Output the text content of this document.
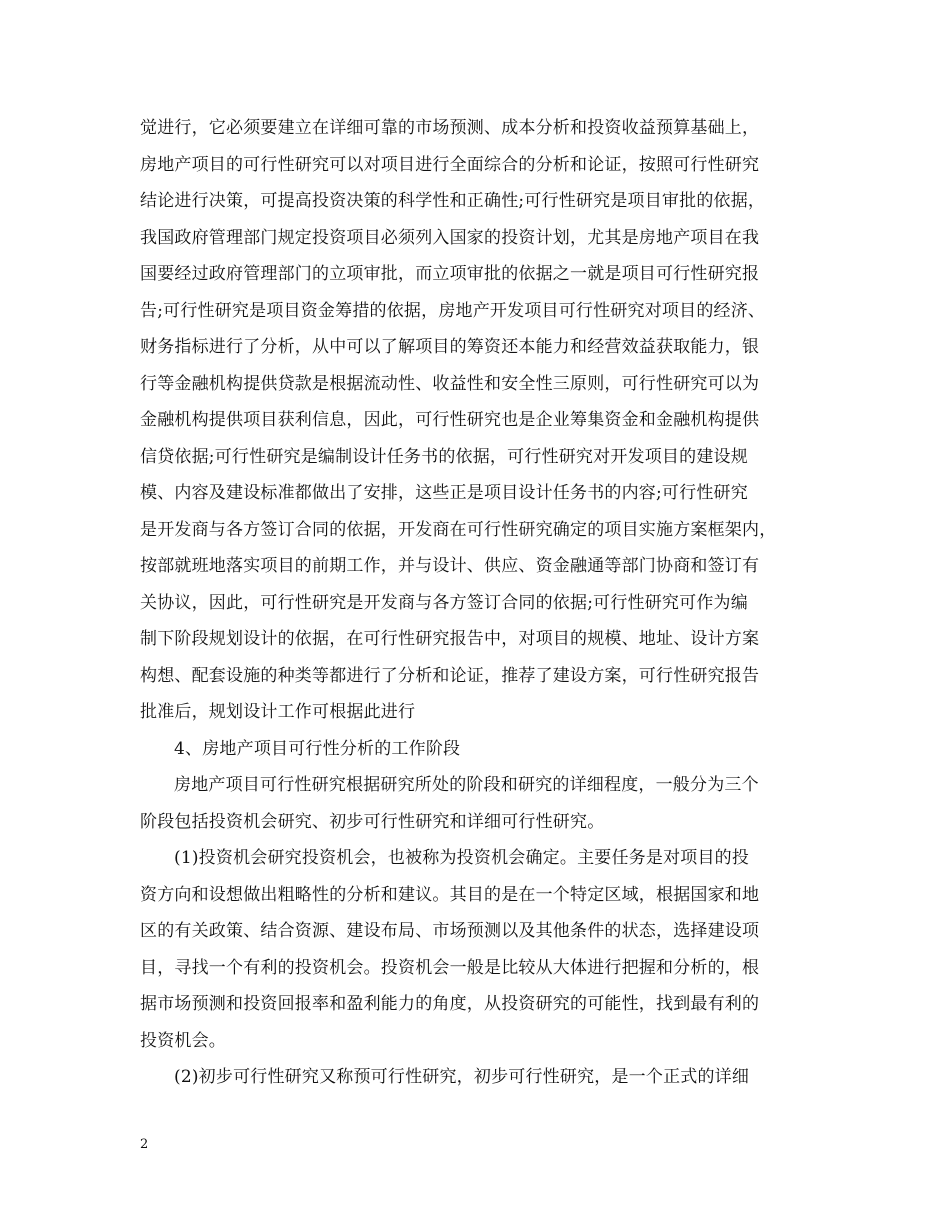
觉进行，它必须要建立在详细可靠的市场预测、成本分析和投资收益预算基础上，
房地产项目的可行性研究可以对项目进行全面综合的分析和论证，按照可行性研究
结论进行决策，可提高投资决策的科学性和正确性;可行性研究是项目审批的依据，
我国政府管理部门规定投资项目必须列入国家的投资计划，尤其是房地产项目在我
国要经过政府管理部门的立项审批，而立项审批的依据之一就是项目可行性研究报
告;可行性研究是项目资金筹措的依据，房地产开发项目可行性研究对项目的经济、
财务指标进行了分析，从中可以了解项目的筹资还本能力和经营效益获取能力，银
行等金融机构提供贷款是根据流动性、收益性和安全性三原则，可行性研究可以为
金融机构提供项目获利信息，因此，可行性研究也是企业筹集资金和金融机构提供
信贷依据;可行性研究是编制设计任务书的依据，可行性研究对开发项目的建设规
模、内容及建设标准都做出了安排，这些正是项目设计任务书的内容;可行性研究
是开发商与各方签订合同的依据，开发商在可行性研究确定的项目实施方案框架内，
按部就班地落实项目的前期工作，并与设计、供应、资金融通等部门协商和签订有
关协议，因此，可行性研究是开发商与各方签订合同的依据;可行性研究可作为编
制下阶段规划设计的依据，在可行性研究报告中，对项目的规模、地址、设计方案
构想、配套设施的种类等都进行了分析和论证，推荐了建设方案，可行性研究报告
批准后，规划设计工作可根据此进行
4、房地产项目可行性分析的工作阶段
房地产项目可行性研究根据研究所处的阶段和研究的详细程度，一般分为三个
阶段包括投资机会研究、初步可行性研究和详细可行性研究。
(1)投资机会研究投资机会，也被称为投资机会确定。主要任务是对项目的投
资方向和设想做出粗略性的分析和建议。其目的是在一个特定区域，根据国家和地
区的有关政策、结合资源、建设布局、市场预测以及其他条件的状态，选择建设项
目，寻找一个有利的投资机会。投资机会一般是比较从大体进行把握和分析的，根
据市场预测和投资回报率和盈利能力的角度，从投资研究的可能性，找到最有利的
投资机会。
(2)初步可行性研究又称预可行性研究，初步可行性研究，是一个正式的详细
2
